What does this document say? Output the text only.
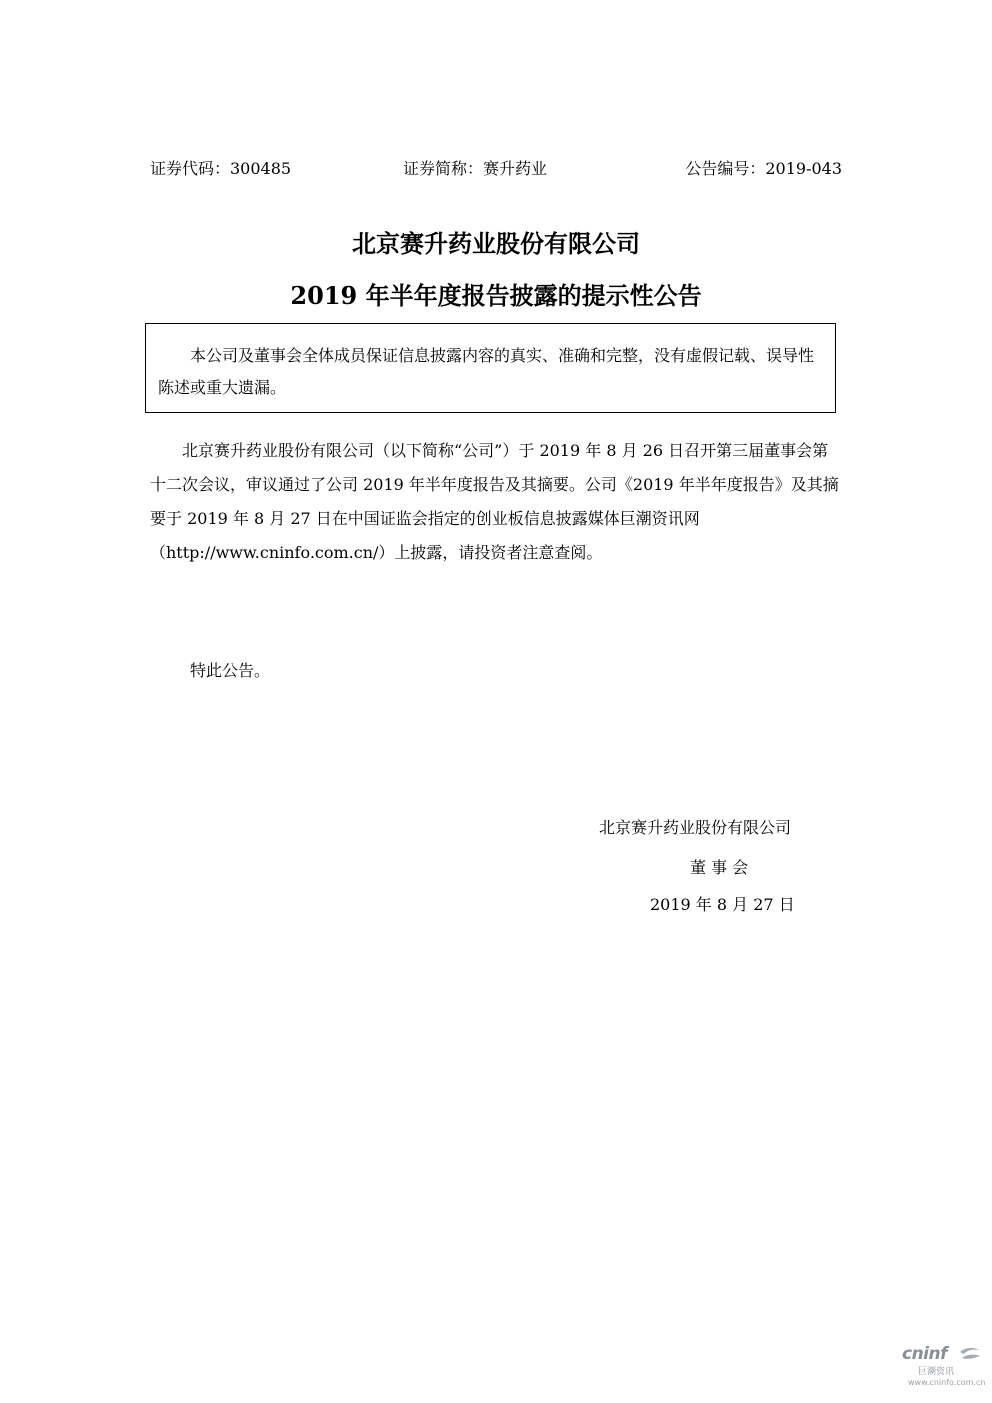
证券代码：300485	证券简称：赛升药业	公告编号：2019-043
北京赛升药业股份有限公司
2019 年半年度报告披露的提示性公告

本公司及董事会全体成员保证信息披露内容的真实、准确和完整，没有虚假记载、误导性陈述或重大遗漏。

北京赛升药业股份有限公司（以下简称“公司”）于 2019 年 8 月 26 日召开第三届董事会第十二次会议，审议通过了公司 2019 年半年度报告及其摘要。公司《2019 年半年度报告》及其摘要于 2019 年 8 月 27 日在中国证监会指定的创业板信息披露媒体巨潮资讯网（http://www.cninfo.com.cn/）上披露，请投资者注意查阅。

特此公告。
北京赛升药业股份有限公司
董 事 会
2019 年 8 月 27 日
cninf
巨潮资讯
www.cninfo.com.cn
